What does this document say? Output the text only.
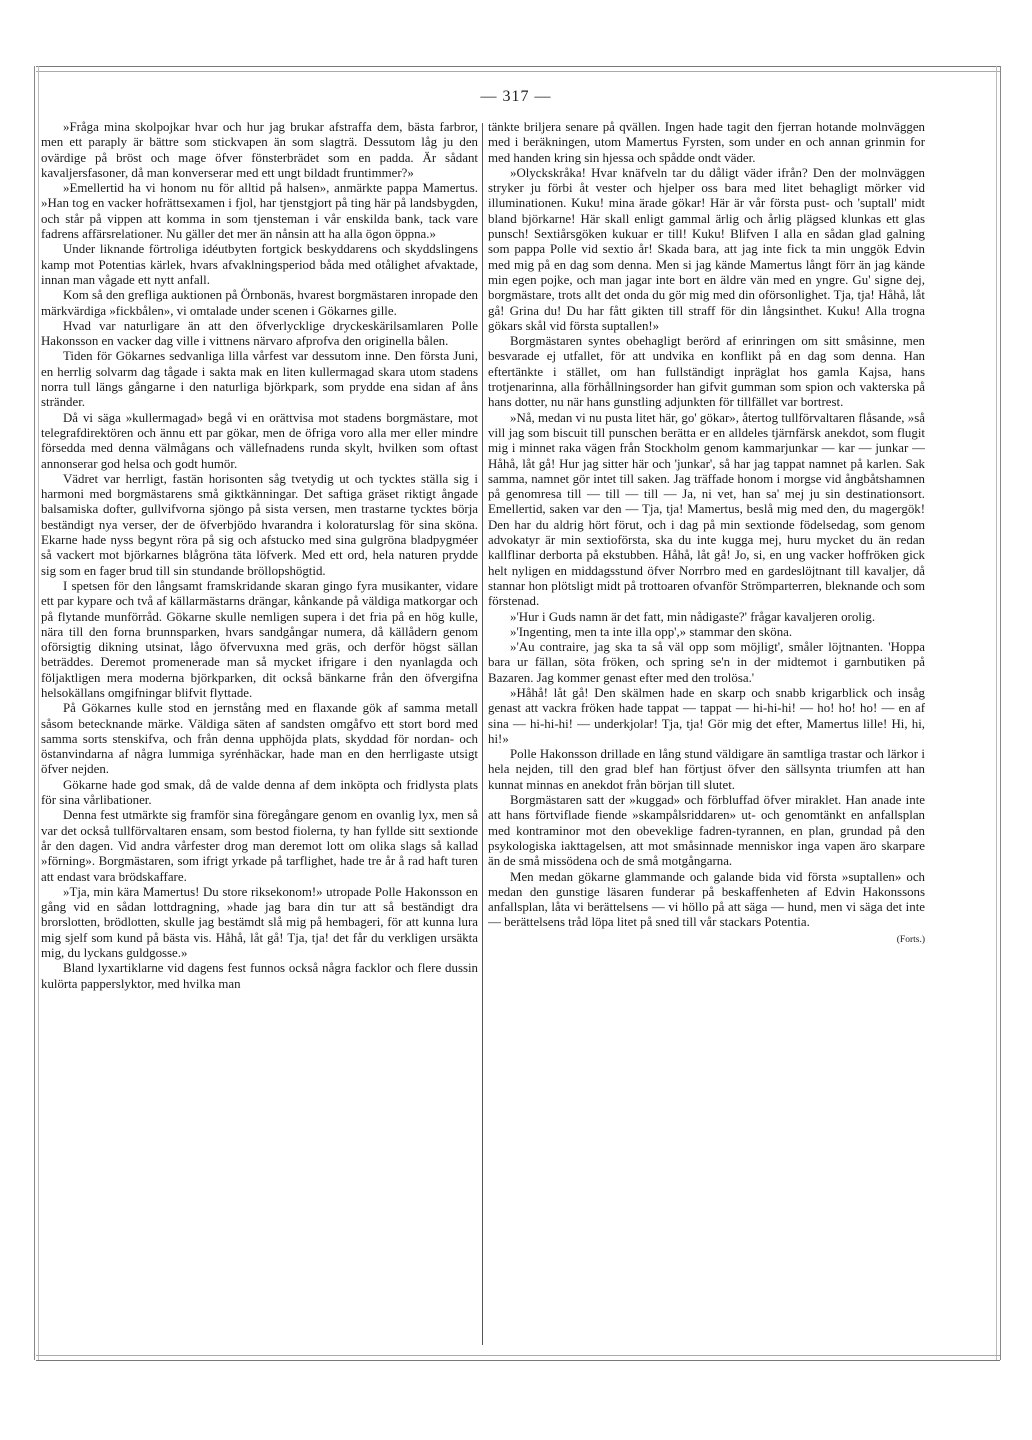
— 317 —

»Fråga mina skolpojkar hvar och hur jag brukar afstraffa dem, bästa farbror, men ett paraply är bättre som stickvapen än som slagträ. Dessutom låg ju den ovärdige på bröst och mage öfver fönsterbrädet som en padda. Är sådant kavaljersfasoner, då man konverserar med ett ungt bildadt fruntimmer?»

»Emellertid ha vi honom nu för alltid på halsen», anmärkte pappa Mamertus. »Han tog en vacker hofrättsexamen i fjol, har tjenstgjort på ting här på landsbygden, och står på vippen att komma in som tjensteman i vår enskilda bank, tack vare fadrens affärsrelationer. Nu gäller det mer än nånsin att ha alla ögon öppna.»

Under liknande förtroliga idéutbyten fortgick beskyddarens och skyddslingens kamp mot Potentias kärlek, hvars afvaklningsperiod båda med otålighet afvaktade, innan man vågade ett nytt anfall.

Kom så den grefliga auktionen på Örnbonäs, hvarest borgmästaren inropade den märkvärdiga »fickbålen», vi omtalade under scenen i Gökarnes gille.

Hvad var naturligare än att den öfverlycklige dryckeskärilsamlaren Polle Hakonsson en vacker dag ville i vittnens närvaro afprofva den originella bålen.

Tiden för Gökarnes sedvanliga lilla vårfest var dessutom inne. Den första Juni, en herrlig solvarm dag tågade i sakta mak en liten kullermagad skara utom stadens norra tull längs gångarne i den naturliga björkpark, som prydde ena sidan af åns stränder.

Då vi säga »kullermagad» begå vi en orättvisa mot stadens borgmästare, mot telegrafdirektören och ännu ett par gökar, men de öfriga voro alla mer eller mindre försedda med denna välmågans och vällefnadens runda skylt, hvilken som oftast annonserar god helsa och godt humör.

Vädret var herrligt, fastän horisonten såg tvetydig ut och tycktes ställa sig i harmoni med borgmästarens små giktkänningar. Det saftiga gräset riktigt ångade balsamiska dofter, gullvifvorna sjöngo på sista versen, men trastarne tycktes börja beständigt nya verser, der de öfverbjödo hvarandra i koloraturslag för sina sköna. Ekarne hade nyss begynt röra på sig och afstucko med sina gulgröna bladpygméer så vackert mot björkarnes blågröna täta löfverk. Med ett ord, hela naturen prydde sig som en fager brud till sin stundande bröllopshögtid.

I spetsen för den långsamt framskridande skaran gingo fyra musikanter, vidare ett par kypare och två af källarmästarns drängar, kånkande på väldiga matkorgar och på flytande munförråd. Gökarne skulle nemligen supera i det fria på en hög kulle, nära till den forna brunnsparken, hvars sandgångar numera, då källådern genom oförsigtig dikning utsinat, lågo öfvervuxna med gräs, och derför högst sällan beträddes. Deremot promenerade man så mycket ifrigare i den nyanlagda och följaktligen mera moderna björkparken, dit också bänkarne från den öfvergifna helsokällans omgifningar blifvit flyttade.

På Gökarnes kulle stod en jernstång med en flaxande gök af samma metall såsom betecknande märke. Väldiga säten af sandsten omgåfvo ett stort bord med samma sorts stenskifva, och från denna upphöjda plats, skyddad för nordan- och östanvindarna af några lummiga syrénhäckar, hade man en den herrligaste utsigt öfver nejden.

Gökarne hade god smak, då de valde denna af dem inköpta och fridlysta plats för sina vårlibationer.

Denna fest utmärkte sig framför sina föregångare genom en ovanlig lyx, men så var det också tullförvaltaren ensam, som bestod fiolerna, ty han fyllde sitt sextionde år den dagen. Vid andra vårfester drog man deremot lott om olika slags så kallad »förning». Borgmästaren, som ifrigt yrkade på tarflighet, hade tre år å rad haft turen att endast vara brödskaffare.

»Tja, min kära Mamertus! Du store riksekonom!» utropade Polle Hakonsson en gång vid en sådan lottdragning, »hade jag bara din tur att så beständigt dra brorslotten, brödlotten, skulle jag bestämdt slå mig på hembageri, för att kunna lura mig sjelf som kund på bästa vis. Håhå, låt gå! Tja, tja! det får du verkligen ursäkta mig, du lyckans guldgosse.»

Bland lyxartiklarne vid dagens fest funnos också några facklor och flere dussin kulörta papperslyktor, med hvilka man

tänkte briljera senare på qvällen. Ingen hade tagit den fjerran hotande molnväggen med i beräkningen, utom Mamertus Fyrsten, som under en och annan grinmin for med handen kring sin hjessa och spådde ondt väder.

»Olyckskråka! Hvar knäfveln tar du dåligt väder ifrån? Den der molnväggen stryker ju förbi åt vester och hjelper oss bara med litet behagligt mörker vid illuminationen. Kuku! mina ärade gökar! Här är vår första pust- och 'suptall' midt bland björkarne! Här skall enligt gammal ärlig och årlig plägsed klunkas ett glas punsch! Sextiårsgöken kukuar er till! Kuku! Blifven I alla en sådan glad galning som pappa Polle vid sextio år! Skada bara, att jag inte fick ta min unggök Edvin med mig på en dag som denna. Men si jag kände Mamertus långt förr än jag kände min egen pojke, och man jagar inte bort en äldre vän med en yngre. Gu' signe dej, borgmästare, trots allt det onda du gör mig med din oförsonlighet. Tja, tja! Håhå, låt gå! Grina du! Du har fått gikten till straff för din långsinthet. Kuku! Alla trogna gökars skål vid första suptallen!»

Borgmästaren syntes obehagligt berörd af erinringen om sitt småsinne, men besvarade ej utfallet, för att undvika en konflikt på en dag som denna. Han eftertänkte i stället, om han fullständigt inpräglat hos gamla Kajsa, hans trotjenarinna, alla förhållningsorder han gifvit gumman som spion och vakterska på hans dotter, nu när hans gunstling adjunkten för tillfället var bortrest.

»Nå, medan vi nu pusta litet här, go' gökar», återtog tullförvaltaren flåsande, »så vill jag som biscuit till punschen berätta er en alldeles tjärnfärsk anekdot, som flugit mig i minnet raka vägen från Stockholm genom kammarjunkar — kar — junkar — Håhå, låt gå! Hur jag sitter här och 'junkar', så har jag tappat namnet på karlen. Sak samma, namnet gör intet till saken. Jag träffade honom i morgse vid ångbåtshamnen på genomresa till — till — till — Ja, ni vet, han sa' mej ju sin destinationsort. Emellertid, saken var den — Tja, tja! Mamertus, beslå mig med den, du magergök! Den har du aldrig hört förut, och i dag på min sextionde födelsedag, som genom advokatyr är min sextioförsta, ska du inte kugga mej, huru mycket du än redan kallflinar derborta på ekstubben. Håhå, låt gå! Jo, si, en ung vacker hoffröken gick helt nyligen en middagsstund öfver Norrbro med en gardeslöjtnant till kavaljer, då stannar hon plötsligt midt på trottoaren ofvanför Strömparterren, bleknande och som förstenad.

»'Hur i Guds namn är det fatt, min nådigaste?' frågar kavaljeren orolig.

»'Ingenting, men ta inte illa opp',» stammar den sköna.

»'Au contraire, jag ska ta så väl opp som möjligt', småler löjtnanten. 'Hoppa bara ur fällan, söta fröken, och spring se'n in der midtemot i garnbutiken på Bazaren. Jag kommer genast efter med den trolösa.'

»Håhå! låt gå! Den skälmen hade en skarp och snabb krigarblick och insåg genast att vackra fröken hade tappat — tappat — hi-hi-hi! — ho! ho! ho! — en af sina — hi-hi-hi! — underkjolar! Tja, tja! Gör mig det efter, Mamertus lille! Hi, hi, hi!»

Polle Hakonsson drillade en lång stund väldigare än samtliga trastar och lärkor i hela nejden, till den grad blef han förtjust öfver den sällsynta triumfen att han kunnat minnas en anekdot från början till slutet.

Borgmästaren satt der »kuggad» och förbluffad öfver miraklet. Han anade inte att hans förtviflade fiende »skampålsriddaren» ut- och genomtänkt en anfallsplan med kontraminor mot den obeveklige fadren-tyrannen, en plan, grundad på den psykologiska iakttagelsen, att mot småsinnade menniskor inga vapen äro skarpare än de små missödena och de små motgångarna.

Men medan gökarne glammande och galande bida vid första »suptallen» och medan den gunstige läsaren funderar på beskaffenheten af Edvin Hakonssons anfallsplan, låta vi berättelsens — vi höllo på att säga — hund, men vi säga det inte — berättelsens tråd löpa litet på sned till vår stackars Potentia.

(Forts.)
